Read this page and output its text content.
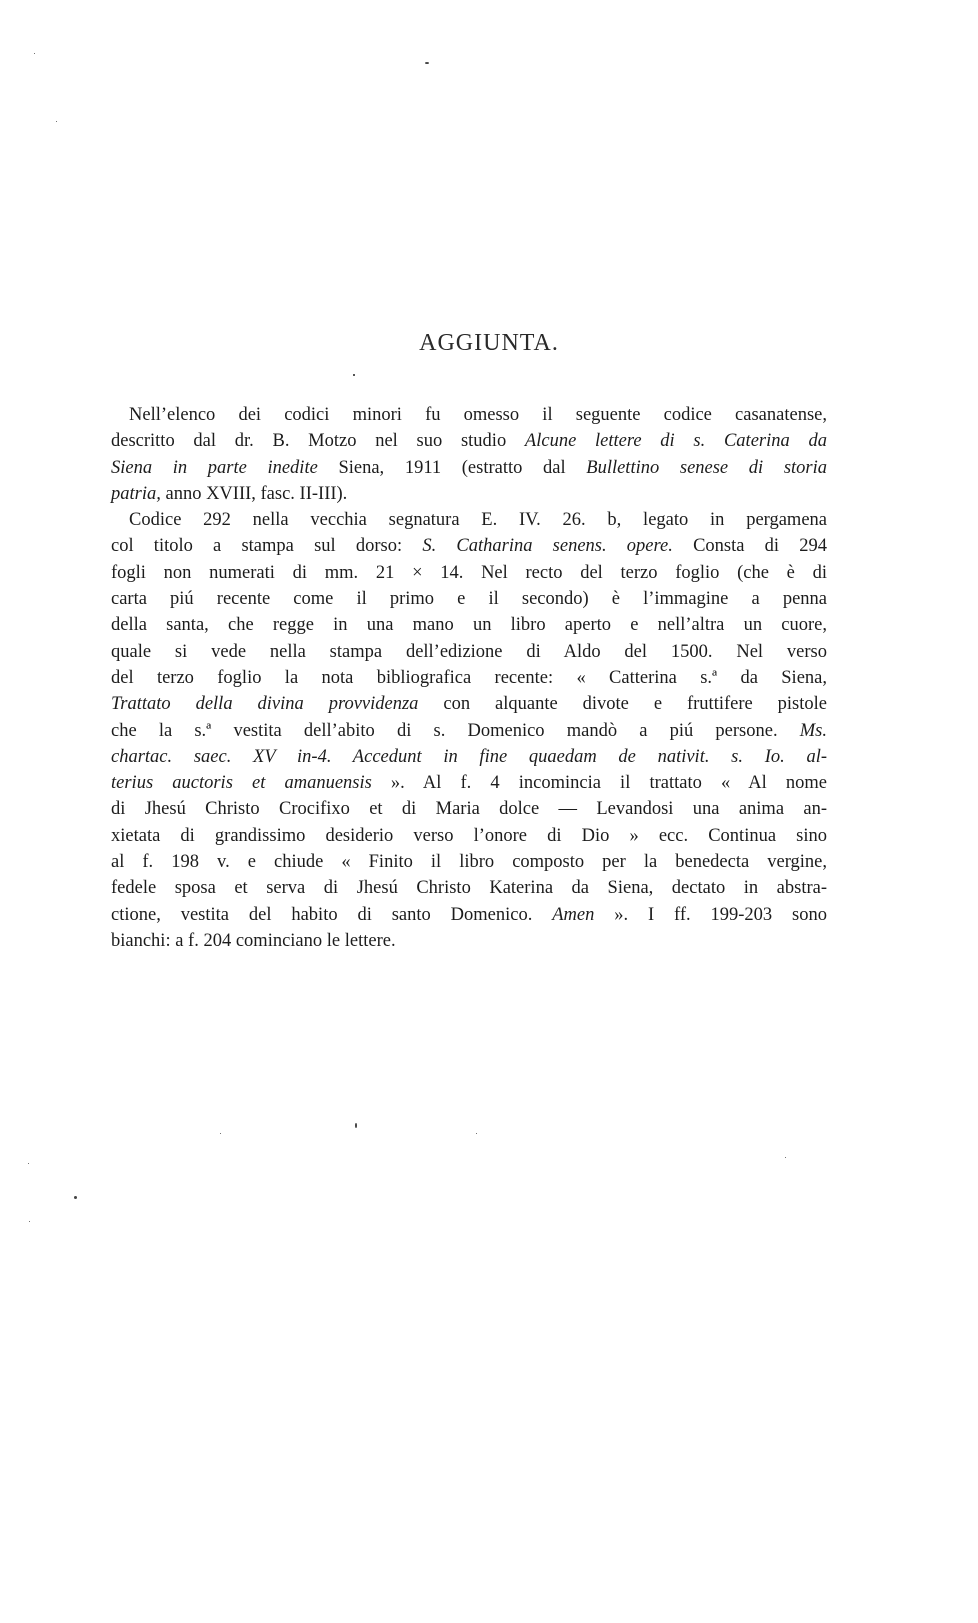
AGGIUNTA.
Nell’elenco dei codici minori fu omesso il seguente codice casanatense,
descritto dal dr. B. Motzo nel suo studio Alcune lettere di s. Caterina da
Siena in parte inedite Siena, 1911 (estratto dal Bullettino senese di storia
patria, anno XVIII, fasc. II-III).
Codice 292 nella vecchia segnatura E. IV. 26. b, legato in pergamena
col titolo a stampa sul dorso: S. Catharina senens. opere. Consta di 294
fogli non numerati di mm. 21 × 14. Nel recto del terzo foglio (che è di
carta piú recente come il primo e il secondo) è l’immagine a penna
della santa, che regge in una mano un libro aperto e nell’altra un cuore,
quale si vede nella stampa dell’edizione di Aldo del 1500. Nel verso
del terzo foglio la nota bibliografica recente: « Catterina s.ª da Siena,
Trattato della divina provvidenza con alquante divote e fruttifere pistole
che la s.ª vestita dell’abito di s. Domenico mandò a piú persone. Ms.
chartac. saec. XV in-4. Accedunt in fine quaedam de nativit. s. Io. al-
terius auctoris et amanuensis ». Al f. 4 incomincia il trattato « Al nome
di Jhesú Christo Crocifixo et di Maria dolce — Levandosi una anima an-
xietata di grandissimo desiderio verso l’onore di Dio » ecc. Continua sino
al f. 198 v. e chiude « Finito il libro composto per la benedecta vergine,
fedele sposa et serva di Jhesú Christo Katerina da Siena, dectato in abstra-
ctione, vestita del habito di santo Domenico. Amen ». I ff. 199-203 sono
bianchi: a f. 204 cominciano le lettere.
